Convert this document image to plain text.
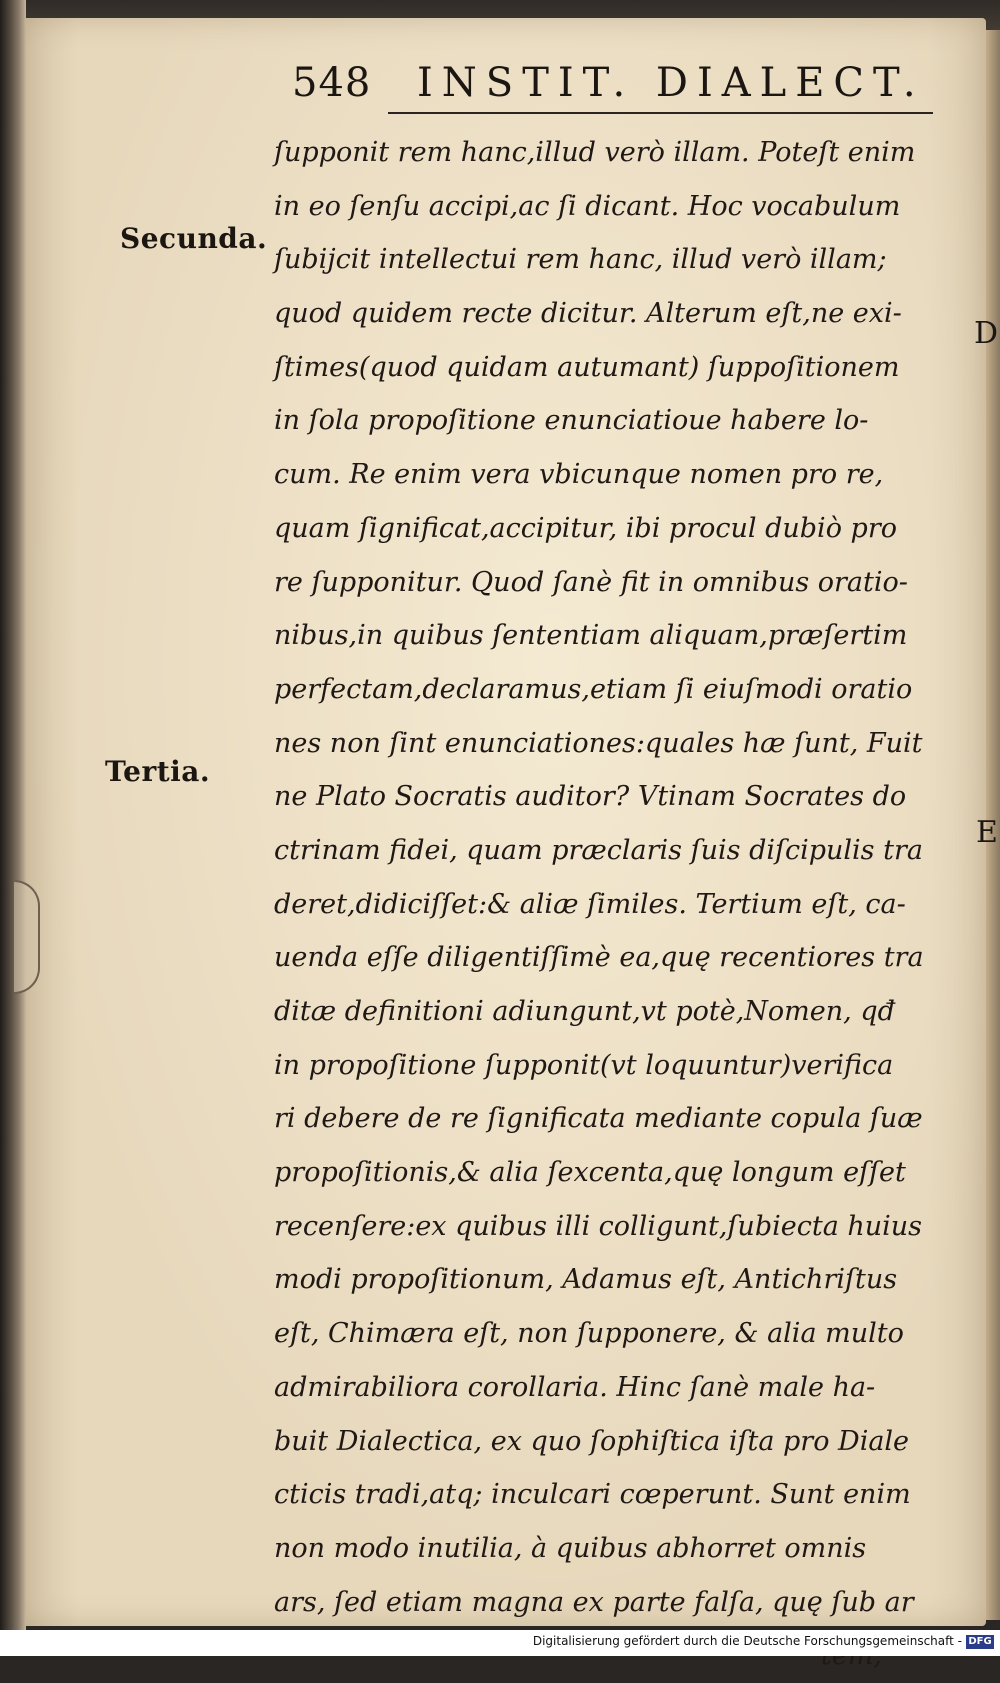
548 INSTIT. DIALECT.
Secunda.
Tertia.
D
E
ſupponit rem hanc,illud verò illam. Poteſt enim
in eo ſenſu accipi,ac ſi dicant. Hoc vocabulum
ſubijcit intellectui rem hanc, illud verò illam;
quod quidem recte dicitur. Alterum eſt,ne exi-
ſtimes(quod quidam autumant) ſuppoſitionem
in ſola propoſitione enunciatioue habere lo-
cum. Re enim vera vbicunque nomen pro re,
quam ſignificat,accipitur, ibi procul dubiò pro
re ſupponitur. Quod ſanè fit in omnibus oratio-
nibus,in quibus ſententiam aliquam,præſertim
perfectam,declaramus,etiam ſi eiuſmodi oratio
nes non ſint enunciationes:quales hæ ſunt, Fuit
ne Plato Socratis auditor? Vtinam Socrates do
ctrinam fidei, quam præclaris ſuis diſcipulis tra
deret,didiciſſet:& aliæ ſimiles. Tertium eſt, ca-
uenda eſſe diligentiſſimè ea,quę recentiores tra
ditæ definitioni adiungunt,vt potè,Nomen, qđ
in propoſitione ſupponit(vt loquuntur)verifica
ri debere de re ſignificata mediante copula ſuæ
propoſitionis,& alia ſexcenta,quę longum eſſet
recenſere:ex quibus illi colligunt,ſubiecta huius
modi propoſitionum, Adamus eſt, Antichriſtus
eſt, Chimæra eſt, non ſupponere, & alia multo
admirabiliora corollaria. Hinc ſanè male ha-
buit Dialectica, ex quo ſophiſtica iſta pro Diale
cticis tradi,atq; inculcari cœperunt. Sunt enim
non modo inutilia, à quibus abhorret omnis
ars, ſed etiam magna ex parte falſa, quę ſub ar
Digitalisierung gefördert durch die Deutsche Forschungsgemeinschaft - DFG
